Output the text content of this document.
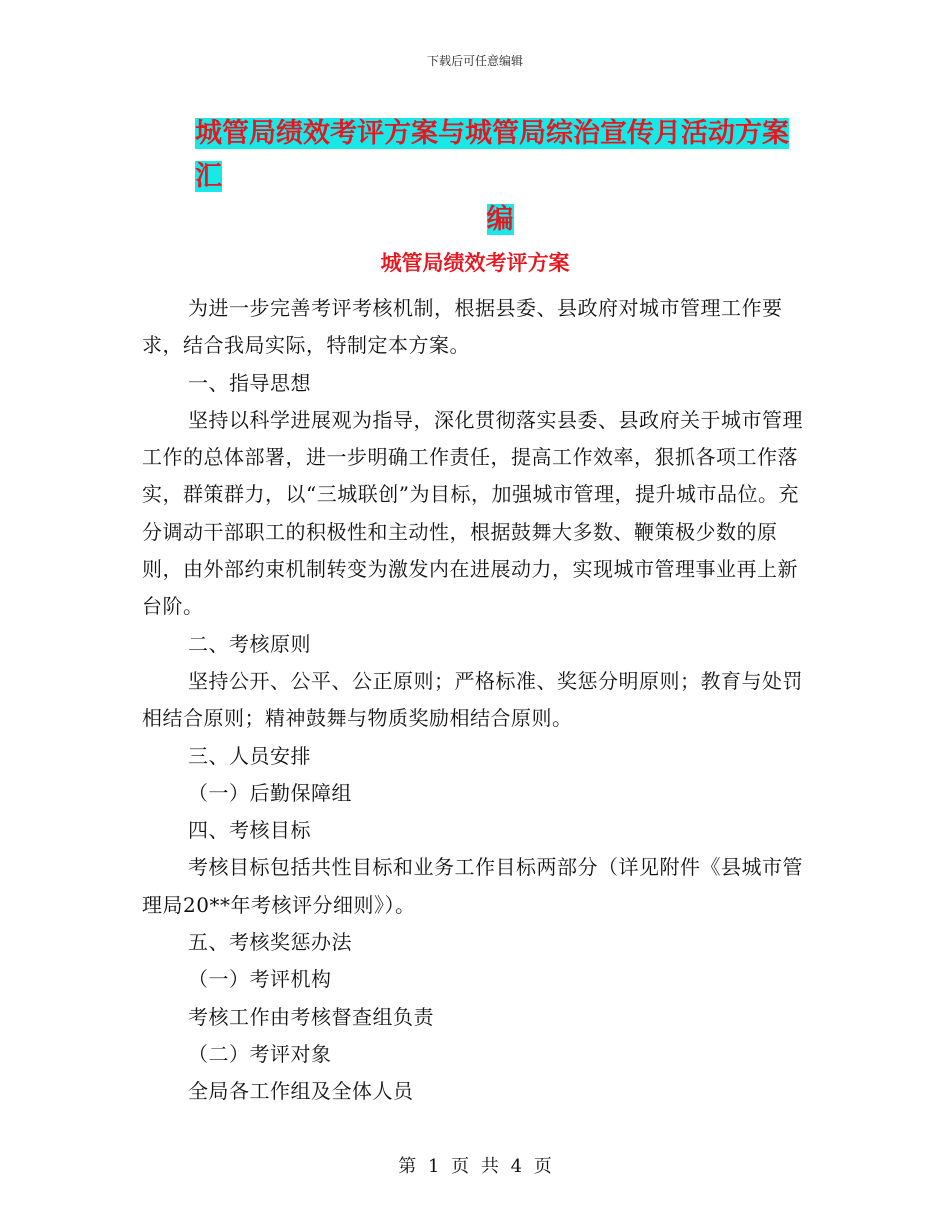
下载后可任意编辑
城管局绩效考评方案与城管局综治宣传月活动方案汇
编
城管局绩效考评方案

为进一步完善考评考核机制，根据县委、县政府对城市管理工作要求，结合我局实际，特制定本方案。

一、指导思想

坚持以科学进展观为指导，深化贯彻落实县委、县政府关于城市管理工作的总体部署，进一步明确工作责任，提高工作效率，狠抓各项工作落实，群策群力，以“三城联创”为目标，加强城市管理，提升城市品位。充分调动干部职工的积极性和主动性，根据鼓舞大多数、鞭策极少数的原则，由外部约束机制转变为激发内在进展动力，实现城市管理事业再上新台阶。

二、考核原则

坚持公开、公平、公正原则；严格标准、奖惩分明原则；教育与处罚相结合原则；精神鼓舞与物质奖励相结合原则。

三、人员安排

（一）后勤保障组

四、考核目标

考核目标包括共性目标和业务工作目标两部分（详见附件《县城市管理局20**年考核评分细则》）。

五、考核奖惩办法

（一）考评机构

考核工作由考核督查组负责

（二）考评对象

全局各工作组及全体人员

第 1 页 共 4 页
